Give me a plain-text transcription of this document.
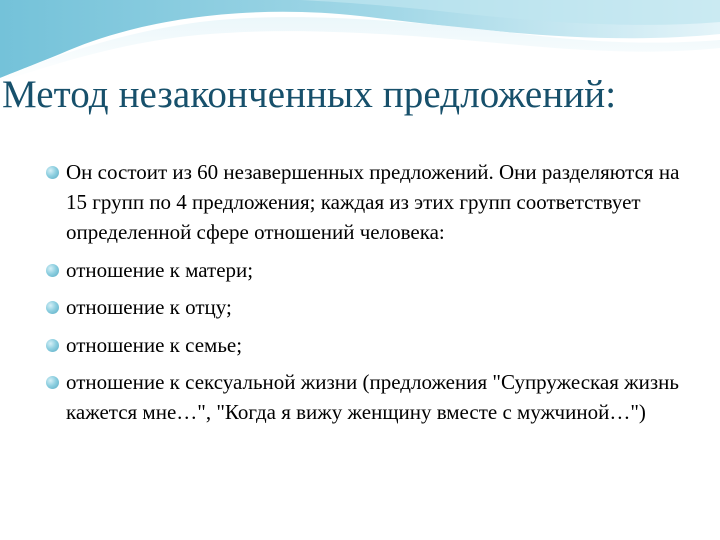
Метод незаконченных предложений:
Он состоит из 60 незавершенных предложений. Они разделяются на 15 групп по 4 предложения; каждая из этих групп соответствует определенной сфере отношений человека:
отношение к матери;
отношение к отцу;
отношение к семье;
отношение к сексуальной жизни (предложения "Супружеская жизнь кажется мне…", "Когда я вижу женщину вместе с мужчиной…")
